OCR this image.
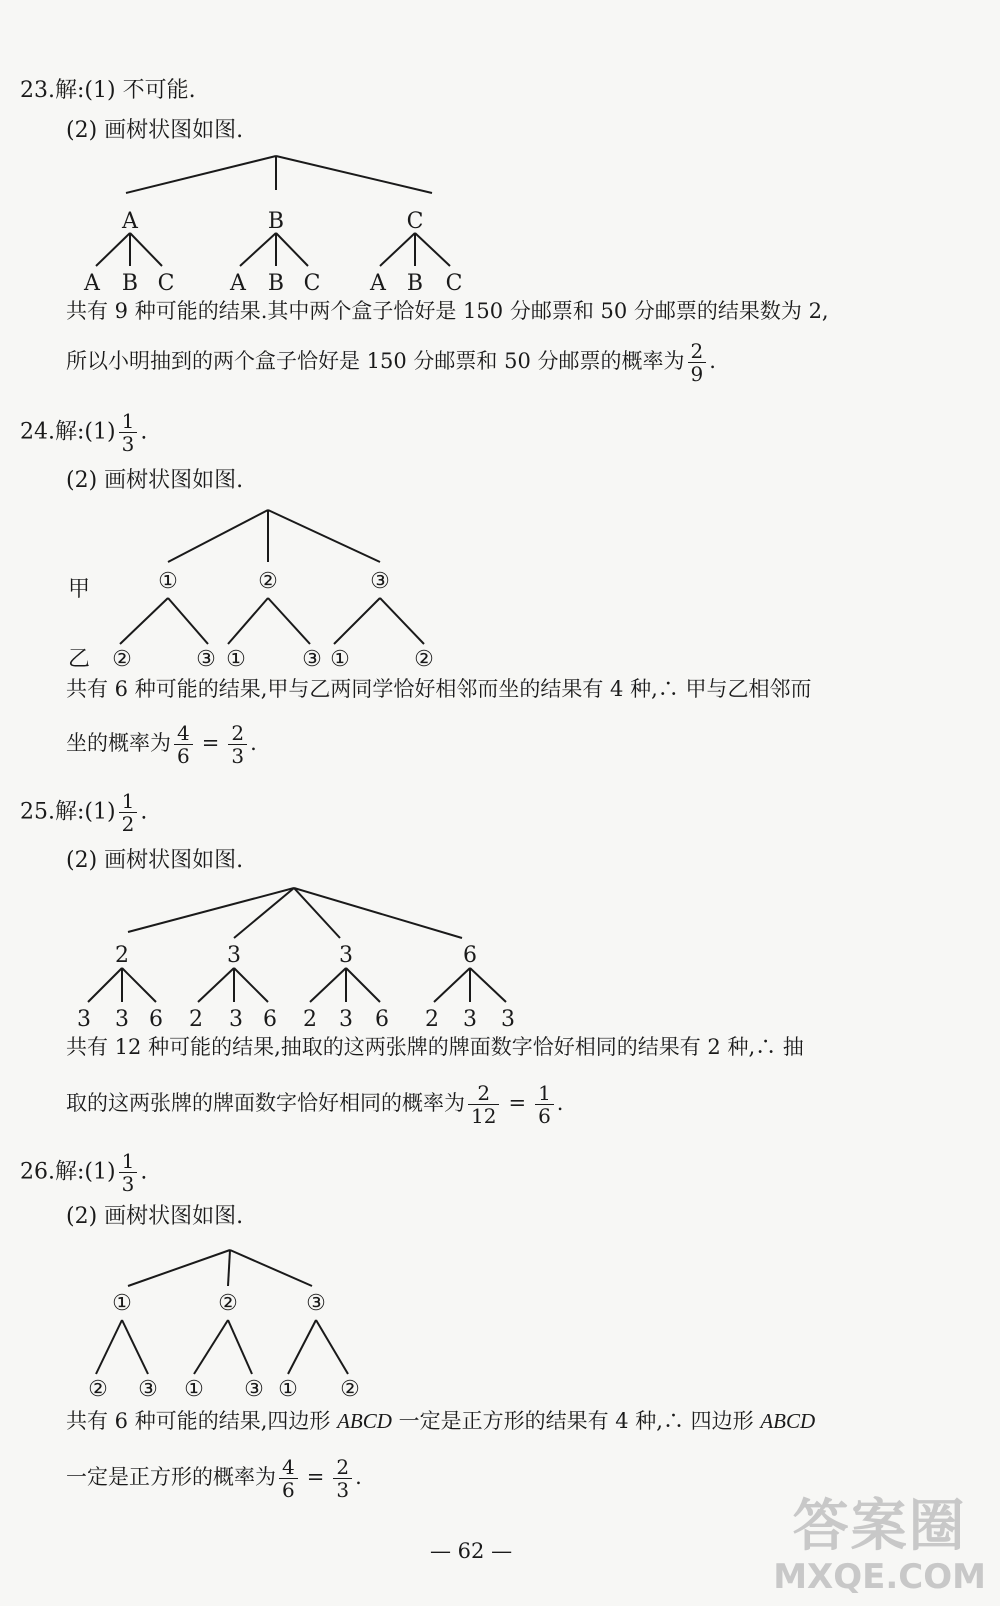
23.解:(1) 不可能.
(2) 画树状图如图.
A	B	C
A B C	A B C A B C
共有 9 种可能的结果.其中两个盒子恰好是 150 分邮票和 50 分邮票的结果数为 2,
所以小明抽到的两个盒子恰好是 150 分邮票和 50 分邮票的概率为 $\frac{2}{9}$ .
24.解:(1) $\frac{1}{3}$ .
(2) 画树状图如图.
甲
乙
①	②	③
②	③ ①	③ ①	②
共有 6 种可能的结果,甲与乙两同学恰好相邻而坐的结果有 4 种,∴ 甲与乙相邻而
坐的概率为 $\frac{4}{6} = \frac{2}{3}$ .
25.解:(1) $\frac{1}{2}$ .
(2) 画树状图如图.
2	3	3	6
3 3 6 2 3 6 2 3 6 2 3 3
共有 12 种可能的结果,抽取的这两张牌的牌面数字恰好相同的结果有 2 种,∴ 抽
取的这两张牌的牌面数字恰好相同的概率为 $\frac{2}{12} = \frac{1}{6}$ .
26.解:(1) $\frac{1}{3}$ .
(2) 画树状图如图.
①	②	③
② ③ ① ③ ① ②
共有 6 种可能的结果,四边形 ABCD 一定是正方形的结果有 4 种,∴ 四边形 ABCD
一定是正方形的概率为 $\frac{4}{6} = \frac{2}{3}$ .
— 62 —	答案圈
MXQE.COM
